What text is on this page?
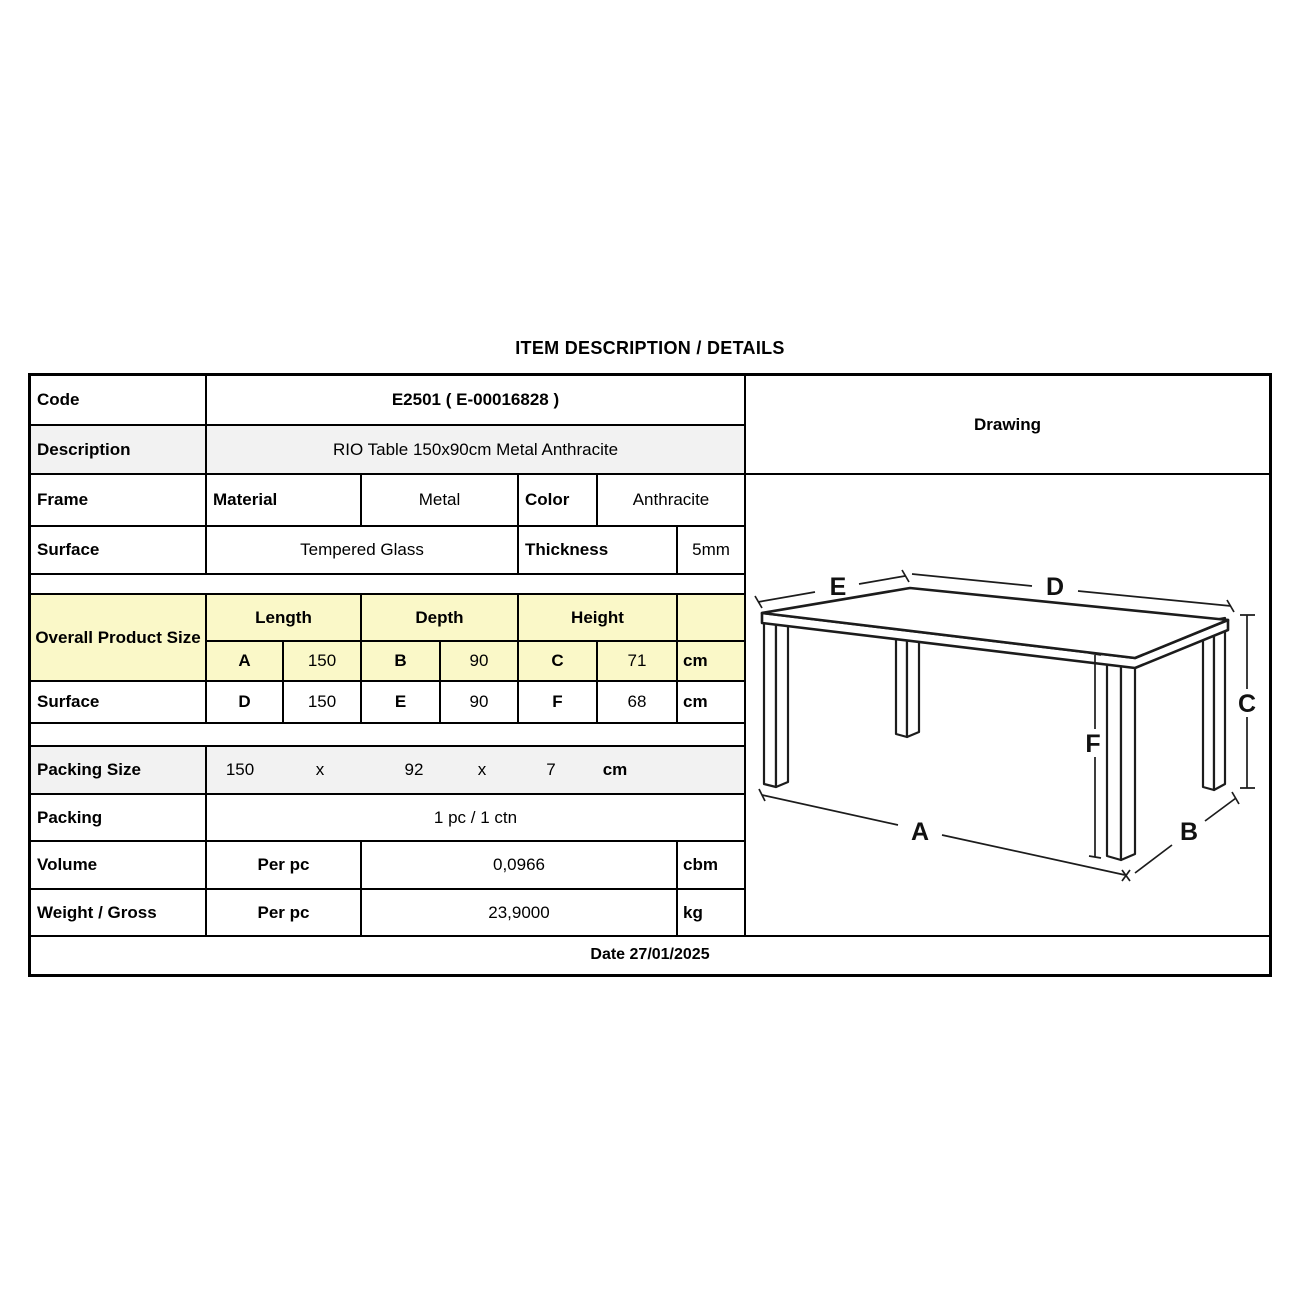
ITEM DESCRIPTION / DETAILS
Code	E2501 ( E-00016828 )
Description	RIO Table 150x90cm Metal Anthracite
Frame	Material	Metal	Color	Anthracite
Surface	Tempered Glass	Thickness	5mm
Overall Product Size
Length	Depth	Height
A	150	B	90	C	71	cm
Surface	D	150	E	90	F	68	cm
Packing Size	150	x	92	x	7	cm
Packing	1 pc / 1 ctn
Volume	Per pc	0,0966	cbm
Weight / Gross	Per pc	23,9000	kg
Date 27/01/2025
Drawing
E	D
C
F
A	B
